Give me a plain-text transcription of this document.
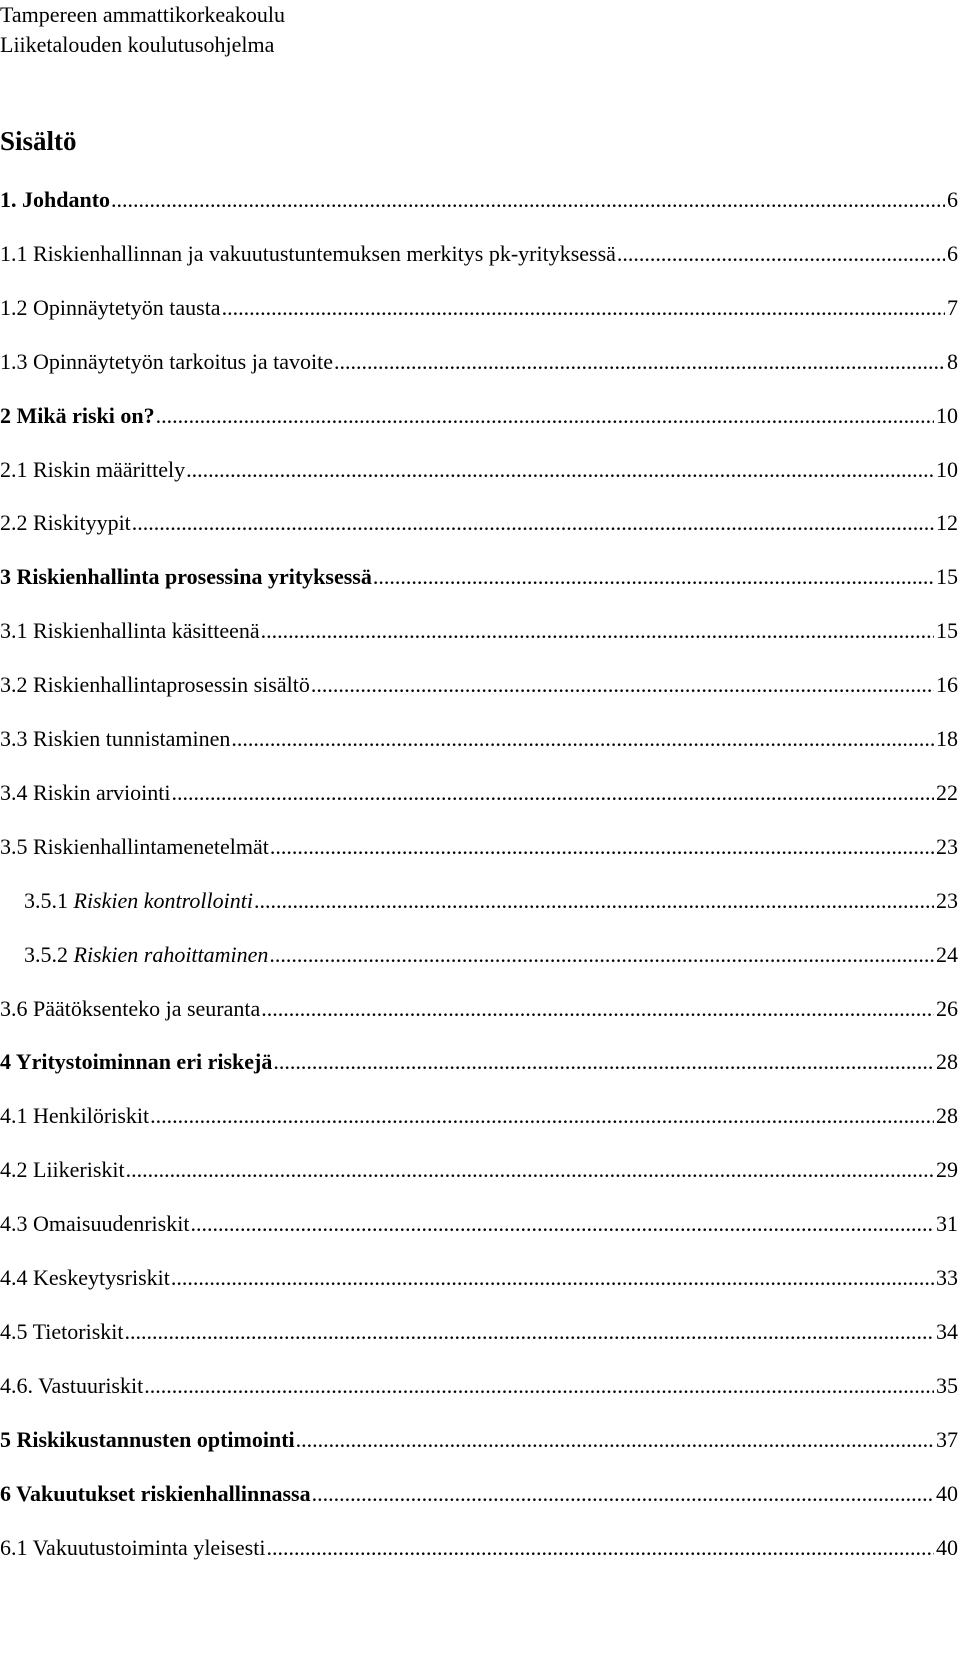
Tampereen ammattikorkeakoulu
Liiketalouden koulutusohjelma
Sisältö
1. Johdanto .....	6
1.1 Riskienhallinnan ja vakuutustuntemuksen merkitys pk-yrityksessä .....	6
1.2 Opinnäytetyön tausta .....	7
1.3 Opinnäytetyön tarkoitus ja tavoite .....	8
2 Mikä riski on? .....	10
2.1 Riskin määrittely .....	10
2.2 Riskityypit .....	12
3 Riskienhallinta prosessina yrityksessä .....	15
3.1 Riskienhallinta käsitteenä .....	15
3.2 Riskienhallintaprosessin sisältö .....	16
3.3 Riskien tunnistaminen .....	18
3.4 Riskin arviointi .....	22
3.5 Riskienhallintamenetelmät .....	23
3.5.1 Riskien kontrollointi .....	23
3.5.2 Riskien rahoittaminen .....	24
3.6 Päätöksenteko ja seuranta .....	26
4 Yritystoiminnan eri riskejä .....	28
4.1 Henkilöriskit .....	28
4.2 Liikeriskit .....	29
4.3 Omaisuudenriskit .....	31
4.4 Keskeytysriskit .....	33
4.5 Tietoriskit .....	34
4.6. Vastuuriskit .....	35
5 Riskikustannusten optimointi .....	37
6 Vakuutukset riskienhallinnassa .....	40
6.1 Vakuutustoiminta yleisesti .....	40
